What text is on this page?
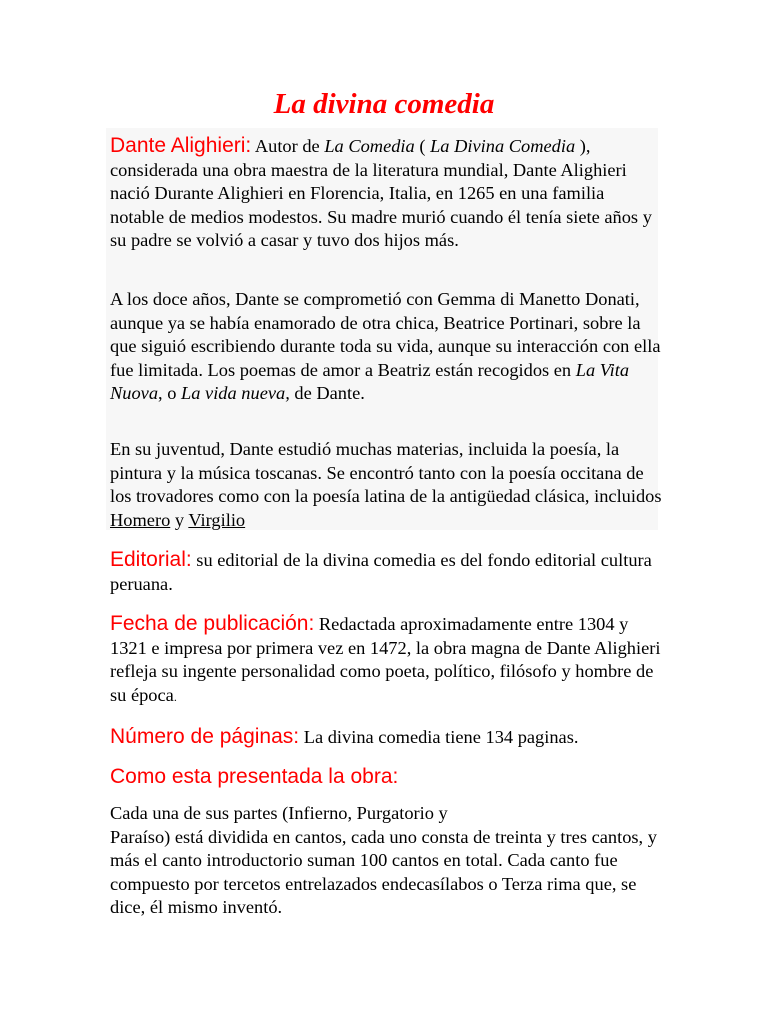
La divina comedia

Dante Alighieri: Autor de La Comedia ( La Divina Comedia ), considerada una obra maestra de la literatura mundial, Dante Alighieri nació Durante Alighieri en Florencia, Italia, en 1265 en una familia notable de medios modestos. Su madre murió cuando él tenía siete años y su padre se volvió a casar y tuvo dos hijos más.

A los doce años, Dante se comprometió con Gemma di Manetto Donati, aunque ya se había enamorado de otra chica, Beatrice Portinari, sobre la que siguió escribiendo durante toda su vida, aunque su interacción con ella fue limitada. Los poemas de amor a Beatriz están recogidos en La Vita Nuova, o La vida nueva, de Dante.

En su juventud, Dante estudió muchas materias, incluida la poesía, la pintura y la música toscanas. Se encontró tanto con la poesía occitana de los trovadores como con la poesía latina de la antigüedad clásica, incluidos Homero y Virgilio

Editorial: su editorial de la divina comedia es del fondo editorial cultura peruana.

Fecha de publicación: Redactada aproximadamente entre 1304 y 1321 e impresa por primera vez en 1472, la obra magna de Dante Alighieri refleja su ingente personalidad como poeta, político, filósofo y hombre de su época.

Número de páginas: La divina comedia tiene 134 paginas.

Como esta presentada la obra:

Cada una de sus partes (Infierno, Purgatorio y
Paraíso) está dividida en cantos, cada uno consta de treinta y tres cantos, y más el canto introductorio suman 100 cantos en total. Cada canto fue compuesto por tercetos entrelazados endecasílabos o Terza rima que, se dice, él mismo inventó.
